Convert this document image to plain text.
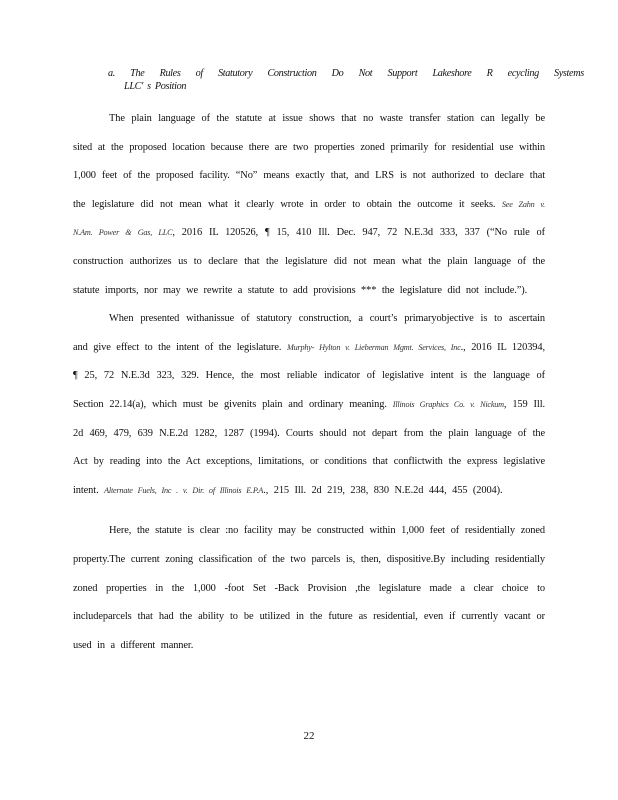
a. The Rules of Statutory Construction Do Not Support Lakeshore R ecycling Systems
LLC' s Position

The plain language of the statute at issue shows that no waste transfer station can legally be sited at the proposed location because there are two properties zoned primarily for residential use within 1,000 feet of the proposed facility. “No” means exactly that, and LRS is not authorized to declare that the legislature did not mean what it clearly wrote in order to obtain the outcome it seeks. See Zahn v. N.Am. Power & Gas, LLC, 2016 IL 120526, ¶ 15, 410 Ill. Dec. 947, 72 N.E.3d 333, 337 (“No rule of construction authorizes us to declare that the legislature did not mean what the plain language of the statute imports, nor may we rewrite a statute to add provisions *** the legislature did not include.”).

When presented withanissue of statutory construction, a court’s primaryobjective is to ascertain and give effect to the intent of the legislature. Murphy- Hylton v. Lieberman Mgmt. Services, Inc., 2016 IL 120394, ¶ 25, 72 N.E.3d 323, 329. Hence, the most reliable indicator of legislative intent is the language of Section 22.14(a), which must be givenits plain and ordinary meaning. Illinois Graphics Co. v. Nickum, 159 Ill. 2d 469, 479, 639 N.E.2d 1282, 1287 (1994). Courts should not depart from the plain language of the Act by reading into the Act exceptions, limitations, or conditions that conflictwith the express legislative intent. Alternate Fuels, Inc . v. Dir. of Illinois E.P.A., 215 Ill. 2d 219, 238, 830 N.E.2d 444, 455 (2004).

Here, the statute is clear :no facility may be constructed within 1,000 feet of residentially zoned property.The current zoning classification of the two parcels is, then, dispositive.By including residentially zoned properties in the 1,000 -foot Set -Back Provision ,the legislature made a clear choice to includeparcels that had the ability to be utilized in the future as residential, even if currently vacant or used in a different manner.

22
